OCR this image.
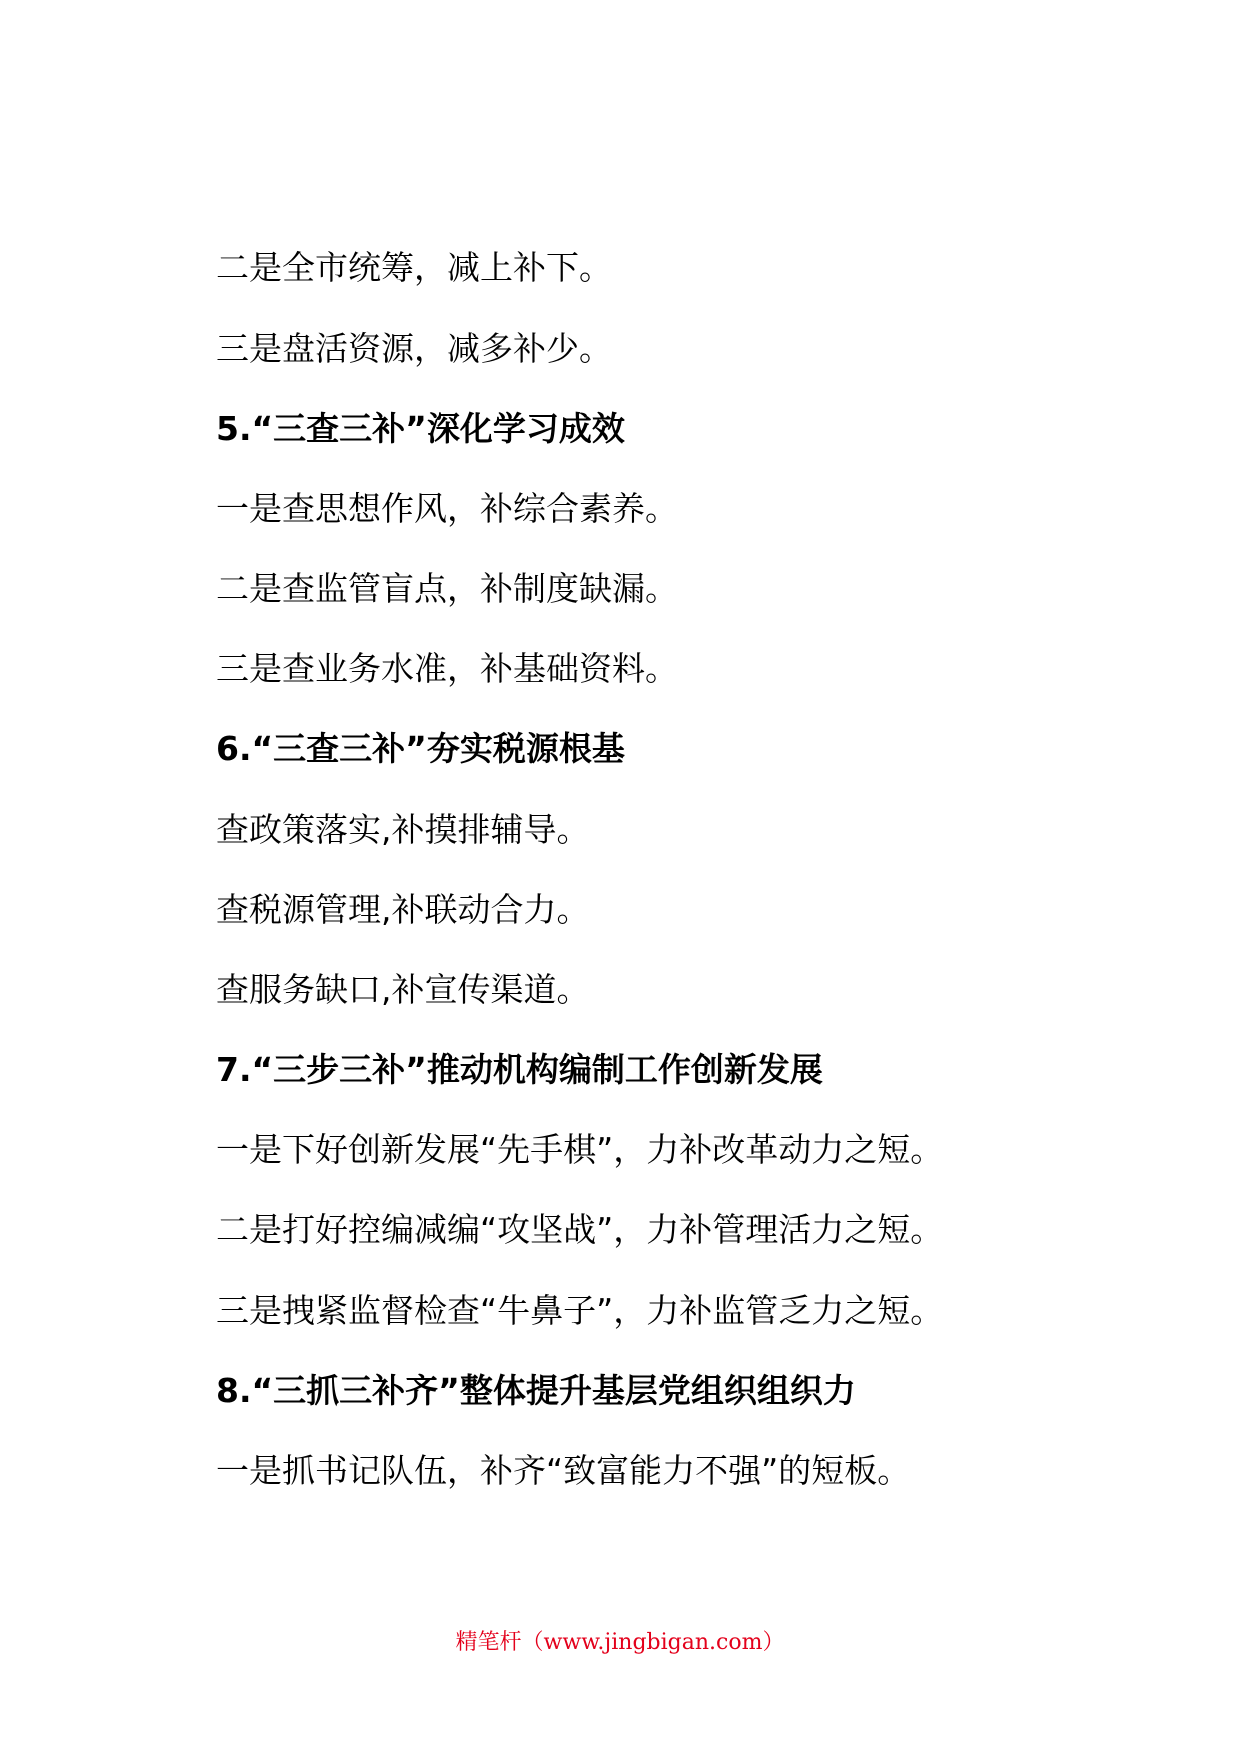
二是全市统筹，减上补下。
三是盘活资源，减多补少。
5.“三查三补”深化学习成效
一是查思想作风，补综合素养。
二是查监管盲点，补制度缺漏。
三是查业务水准，补基础资料。
6.“三查三补”夯实税源根基
查政策落实,补摸排辅导。
查税源管理,补联动合力。
查服务缺口,补宣传渠道。
7.“三步三补”推动机构编制工作创新发展
一是下好创新发展“先手棋”，力补改革动力之短。
二是打好控编减编“攻坚战”，力补管理活力之短。
三是拽紧监督检查“牛鼻子”，力补监管乏力之短。
8.“三抓三补齐”整体提升基层党组织组织力
一是抓书记队伍，补齐“致富能力不强”的短板。
精笔杆（www.jingbigan.com）
